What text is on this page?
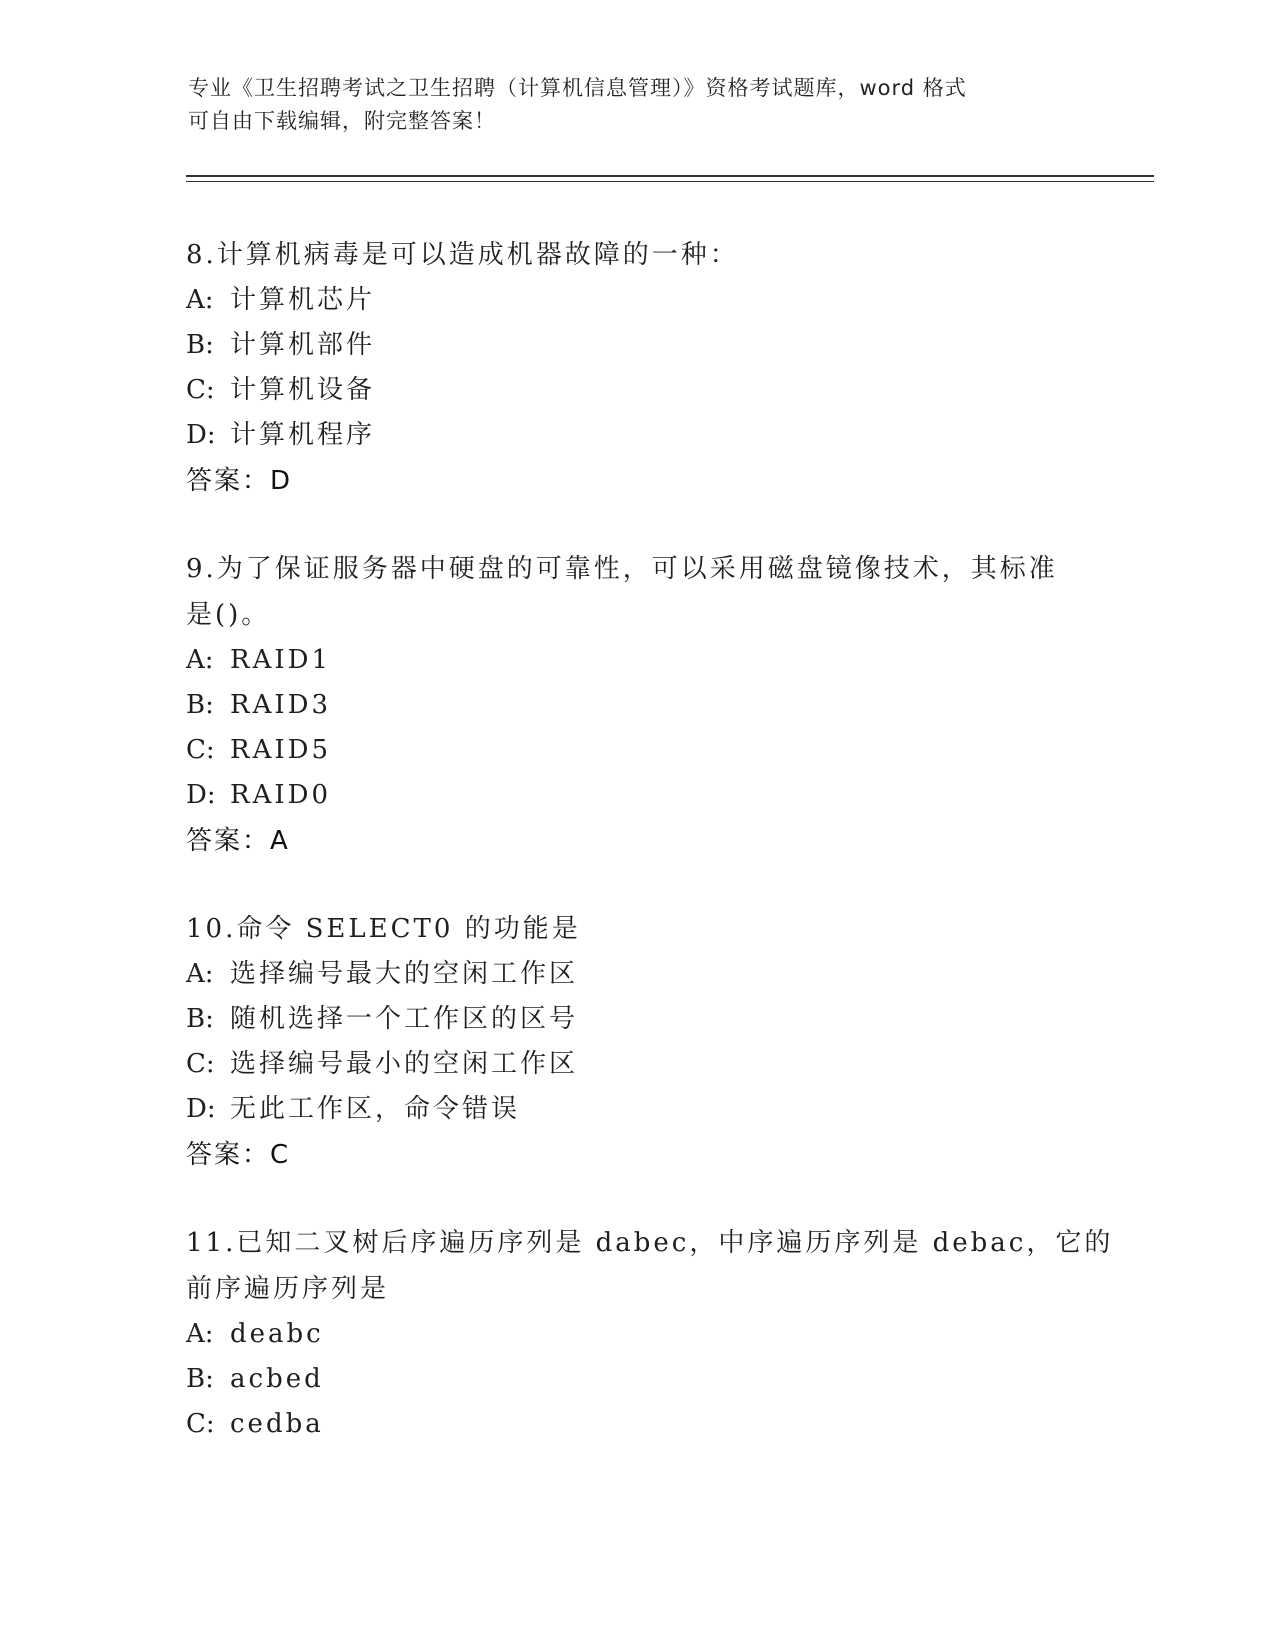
专业《卫生招聘考试之卫生招聘（计算机信息管理）》资格考试题库，word 格式
可自由下载编辑，附完整答案！
8.计算机病毒是可以造成机器故障的一种：
A: 计算机芯片
B: 计算机部件
C: 计算机设备
D: 计算机程序
答案：D
9.为了保证服务器中硬盘的可靠性，可以采用磁盘镜像技术，其标准
是()。
A: RAID1
B: RAID3
C: RAID5
D: RAID0
答案：A
10.命令 SELECT0 的功能是
A: 选择编号最大的空闲工作区
B: 随机选择一个工作区的区号
C: 选择编号最小的空闲工作区
D: 无此工作区，命令错误
答案：C
11.已知二叉树后序遍历序列是 dabec，中序遍历序列是 debac，它的
前序遍历序列是
A: deabc
B: acbed
C: cedba
